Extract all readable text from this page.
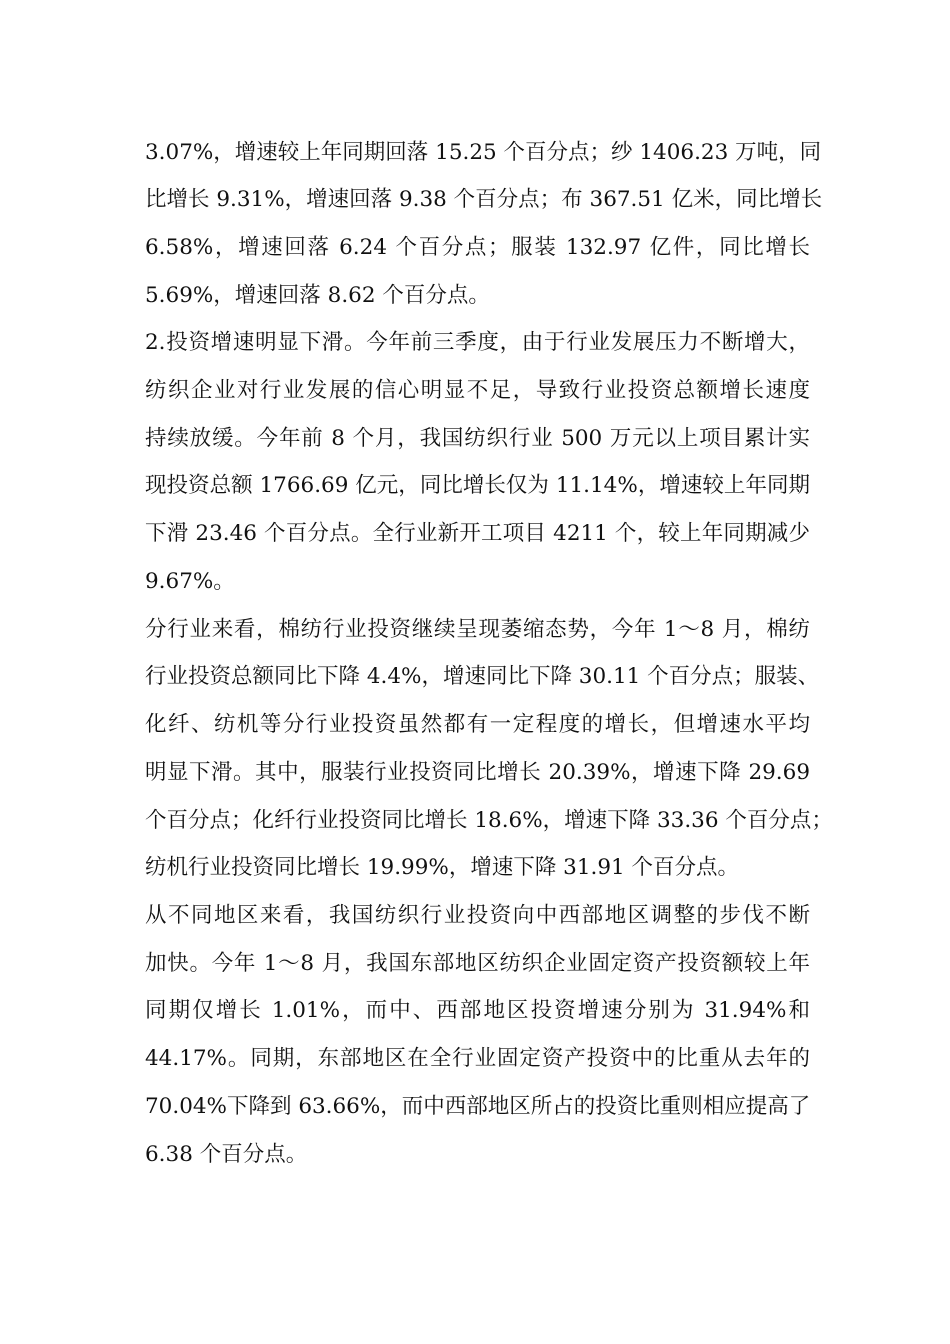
3.07%，增速较上年同期回落 15.25 个百分点；纱 1406.23 万吨，同
比增长 9.31%，增速回落 9.38 个百分点；布 367.51 亿米，同比增长
6.58%，增速回落 6.24 个百分点；服装 132.97 亿件，同比增长
5.69%，增速回落 8.62 个百分点。
2.投资增速明显下滑。今年前三季度，由于行业发展压力不断增大，
纺织企业对行业发展的信心明显不足，导致行业投资总额增长速度
持续放缓。今年前 8 个月，我国纺织行业 500 万元以上项目累计实
现投资总额 1766.69 亿元，同比增长仅为 11.14%，增速较上年同期
下滑 23.46 个百分点。全行业新开工项目 4211 个，较上年同期减少
9.67%。
分行业来看，棉纺行业投资继续呈现萎缩态势，今年 1～8 月，棉纺
行业投资总额同比下降 4.4%，增速同比下降 30.11 个百分点；服装、
化纤、纺机等分行业投资虽然都有一定程度的增长，但增速水平均
明显下滑。其中，服装行业投资同比增长 20.39%，增速下降 29.69
个百分点；化纤行业投资同比增长 18.6%，增速下降 33.36 个百分点；
纺机行业投资同比增长 19.99%，增速下降 31.91 个百分点。
从不同地区来看，我国纺织行业投资向中西部地区调整的步伐不断
加快。今年 1～8 月，我国东部地区纺织企业固定资产投资额较上年
同期仅增长 1.01%，而中、西部地区投资增速分别为 31.94%和
44.17%。同期，东部地区在全行业固定资产投资中的比重从去年的
70.04%下降到 63.66%，而中西部地区所占的投资比重则相应提高了
6.38 个百分点。
